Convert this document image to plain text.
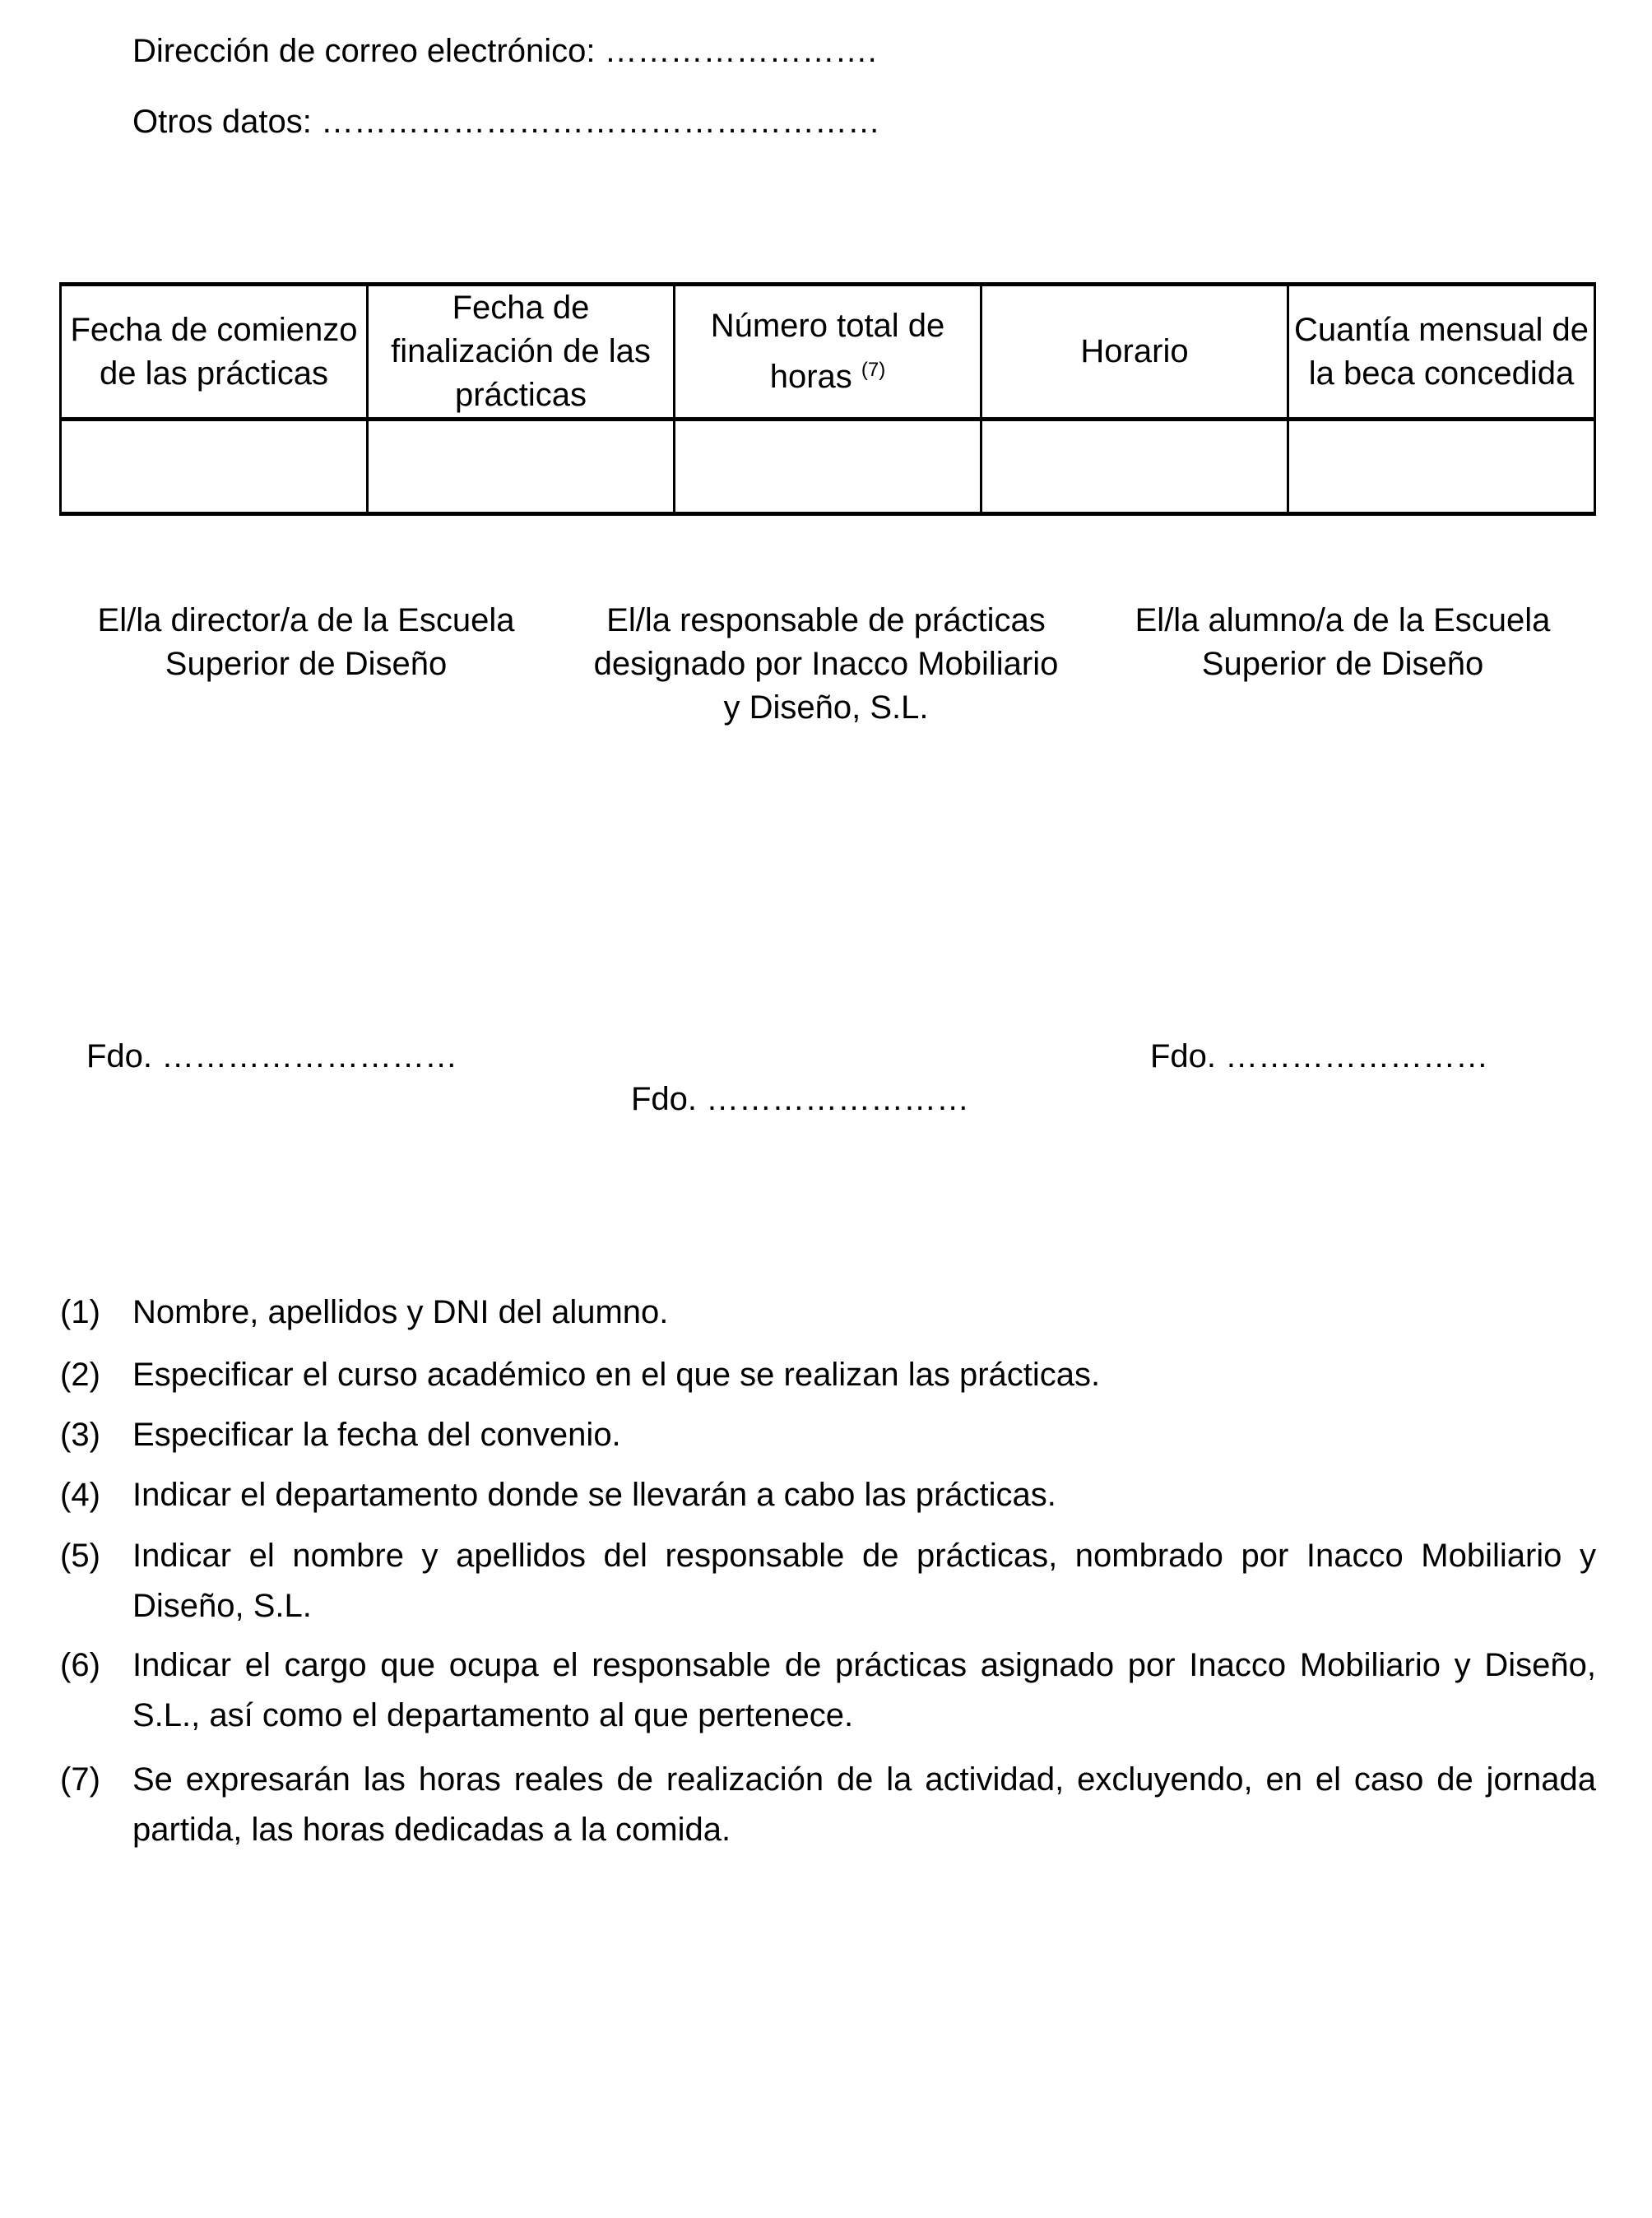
Dirección de correo electrónico: …………………….
Otros datos: ……………………………………………
Fecha de comienzo de las prácticas	Fecha de finalización de las prácticas	Número total de horas $^{(7)}$	Horario	Cuantía mensual de la beca concedida

El/la director/a de la Escuela Superior de Diseño
El/la responsable de prácticas designado por Inacco Mobiliario y Diseño, S.L.
El/la alumno/a de la Escuela Superior de Diseño
Fdo. ………………………
Fdo. ……………………
Fdo. ……………………
(1) Nombre, apellidos y DNI del alumno.
(2) Especificar el curso académico en el que se realizan las prácticas.
(3) Especificar la fecha del convenio.
(4) Indicar el departamento donde se llevarán a cabo las prácticas.
(5) Indicar el nombre y apellidos del responsable de prácticas, nombrado por Inacco Mobiliario y Diseño, S.L.
(6) Indicar el cargo que ocupa el responsable de prácticas asignado por Inacco Mobiliario y Diseño, S.L., así como el departamento al que pertenece.
(7) Se expresarán las horas reales de realización de la actividad, excluyendo, en el caso de jornada partida, las horas dedicadas a la comida.
